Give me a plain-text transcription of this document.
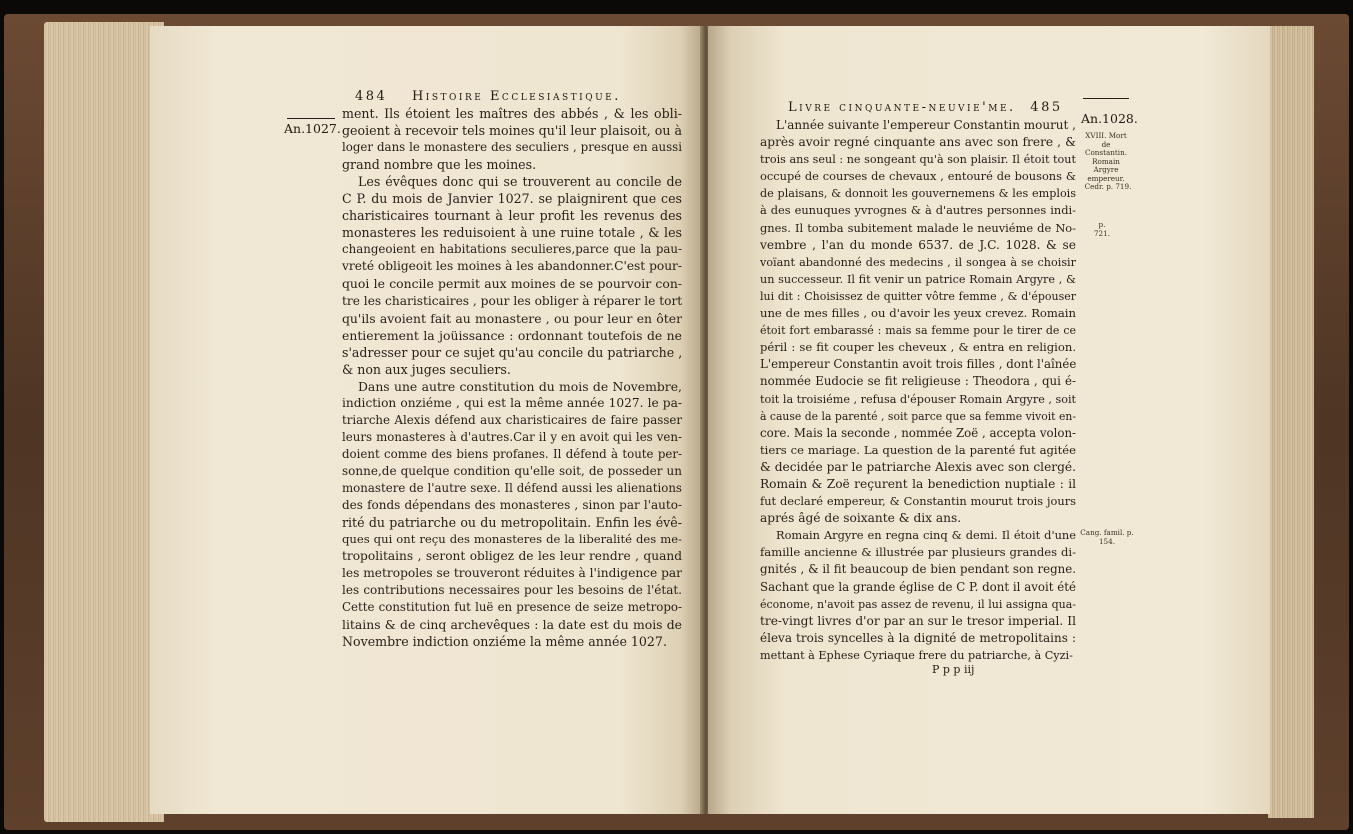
484 Histoire Ecclesiastique.
An.1027.
ment. Ils étoient les maîtres des abbés , & les obli-
geoient à recevoir tels moines qu'il leur plaisoit, ou à
loger dans le monastere des seculiers , presque en aussi
grand nombre que les moines.
Les évêques donc qui se trouverent au concile de
C P. du mois de Janvier 1027. se plaignirent que ces
charisticaires tournant à leur profit les revenus des
monasteres les reduisoient à une ruine totale , & les
changeoient en habitations seculieres,parce que la pau-
vreté obligeoit les moines à les abandonner.C'est pour-
quoi le concile permit aux moines de se pourvoir con-
tre les charisticaires , pour les obliger à réparer le tort
qu'ils avoient fait au monastere , ou pour leur en ôter
entierement la joüissance : ordonnant toutefois de ne
s'adresser pour ce sujet qu'au concile du patriarche ,
& non aux juges seculiers.
Dans une autre constitution du mois de Novembre,
indiction onziéme , qui est la même année 1027. le pa-
triarche Alexis défend aux charisticaires de faire passer
leurs monasteres à d'autres.Car il y en avoit qui les ven-
doient comme des biens profanes. Il défend à toute per-
sonne,de quelque condition qu'elle soit, de posseder un
monastere de l'autre sexe. Il défend aussi les alienations
des fonds dépendans des monasteres , sinon par l'auto-
rité du patriarche ou du metropolitain. Enfin les évê-
ques qui ont reçu des monasteres de la liberalité des me-
tropolitains , seront obligez de les leur rendre , quand
les metropoles se trouveront réduites à l'indigence par
les contributions necessaires pour les besoins de l'état.
Cette constitution fut luë en presence de seize metropo-
litains & de cinq archevêques : la date est du mois de
Novembre indiction onziéme la même année 1027.
Livre cinquante-neuvie'me. 485
An.1028.
L'année suivante l'empereur Constantin mourut ,
après avoir regné cinquante ans avec son frere , &
trois ans seul : ne songeant qu'à son plaisir. Il étoit tout
occupé de courses de chevaux , entouré de bousons &
de plaisans, & donnoit les gouvernemens & les emplois
à des eunuques yvrognes & à d'autres personnes indi-
gnes. Il tomba subitement malade le neuviéme de No-
vembre , l'an du monde 6537. de J.C. 1028. & se
voïant abandonné des medecins , il songea à se choisir
un successeur. Il fit venir un patrice Romain Argyre , &
lui dit : Choisissez de quitter vôtre femme , & d'épouser
une de mes filles , ou d'avoir les yeux crevez. Romain
étoit fort embarassé : mais sa femme pour le tirer de ce
péril : se fit couper les cheveux , & entra en religion.
L'empereur Constantin avoit trois filles , dont l'aînée
nommée Eudocie se fit religieuse : Theodora , qui é-
toit la troisiéme , refusa d'épouser Romain Argyre , soit
à cause de la parenté , soit parce que sa femme vivoit en-
core. Mais la seconde , nommée Zoë , accepta volon-
tiers ce mariage. La question de la parenté fut agitée
& decidée par le patriarche Alexis avec son clergé.
Romain & Zoë reçurent la benediction nuptiale : il
fut declaré empereur, & Constantin mourut trois jours
aprés âgé de soixante & dix ans.
Romain Argyre en regna cinq & demi. Il étoit d'une
famille ancienne & illustrée par plusieurs grandes di-
gnités , & il fit beaucoup de bien pendant son regne.
Sachant que la grande église de C P. dont il avoit été
économe, n'avoit pas assez de revenu, il lui assigna qua-
tre-vingt livres d'or par an sur le tresor imperial. Il
éleva trois syncelles à la dignité de metropolitains :
mettant à Ephese Cyriaque frere du patriarche, à Cyzi-
XVIII. Mort de Constantin. Romain Argyre empereur.
Cedr. p. 719.
p. 721.
Cang. famil. p. 154.
P p p iij
